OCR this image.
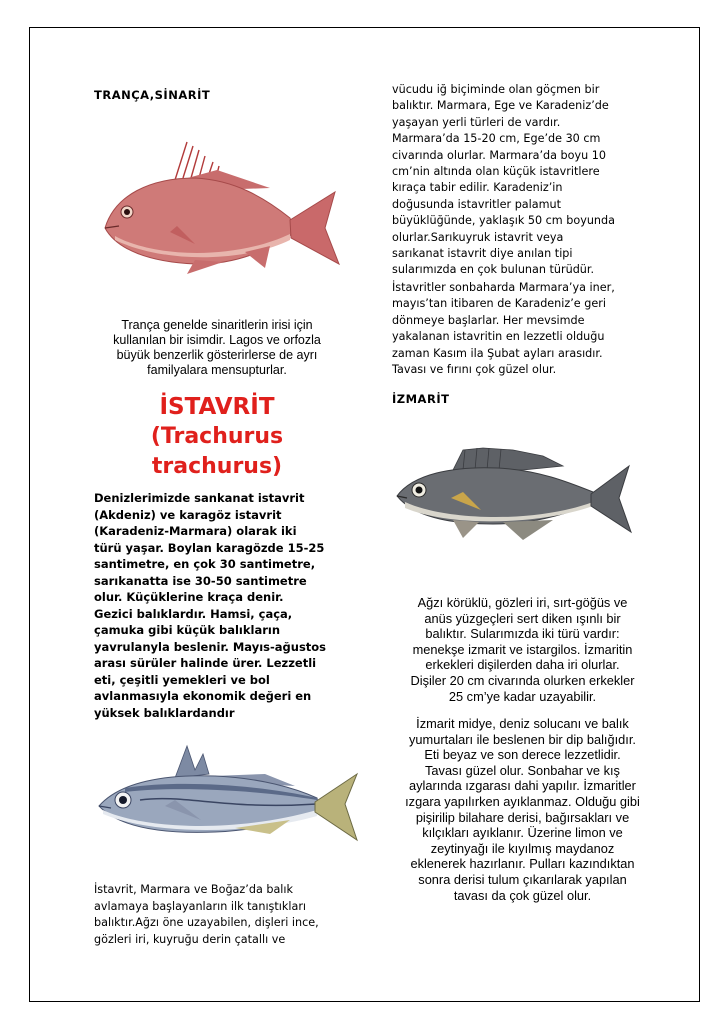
TRANÇA,SİNARİT
Trança genelde sinaritlerin irisi için
kullanılan bir isimdir. Lagos ve orfozla
büyük benzerlik gösterirlerse de ayrı
familyalara mensupturlar.
İSTAVRİT
(Trachurus
trachurus)
Denizlerimizde sankanat istavrit
(Akdeniz) ve karagöz istavrit
(Karadeniz-Marmara) olarak iki
türü yaşar. Boylan karagözde 15-25
santimetre, en çok 30 santimetre,
sarıkanatta ise 30-50 santimetre
olur. Küçüklerine kraça denir.
Gezici balıklardır. Hamsi, çaça,
çamuka gibi küçük balıkların
yavrulanyla beslenir. Mayıs-ağustos
arası sürüler halinde ürer. Lezzetli
eti, çeşitli yemekleri ve bol
avlanmasıyla ekonomik değeri en
yüksek balıklardandır
İstavrit, Marmara ve Boğaz’da balık
avlamaya başlayanların ilk tanıştıkları
balıktır.Ağzı öne uzayabilen, dişleri ince,
gözleri iri, kuyruğu derin çatallı ve
vücudu iğ biçiminde olan göçmen bir
balıktır. Marmara, Ege ve Karadeniz’de
yaşayan yerli türleri de vardır.
Marmara’da 15-20 cm, Ege’de 30 cm
civarında olurlar. Marmara’da boyu 10
cm’nin altında olan küçük istavritlere
kıraça tabir edilir. Karadeniz’in
doğusunda istavritler palamut
büyüklüğünde, yaklaşık 50 cm boyunda
olurlar.Sarıkuyruk istavrit veya
sarıkanat istavrit diye anılan tipi
sularımızda en çok bulunan türüdür.
İstavritler sonbaharda Marmara’ya iner,
mayıs’tan itibaren de Karadeniz’e geri
dönmeye başlarlar. Her mevsimde
yakalanan istavritin en lezzetli olduğu
zaman Kasım ila Şubat ayları arasıdır.
Tavası ve fırını çok güzel olur.
İZMARİT
Ağzı körüklü, gözleri iri, sırt-göğüs ve
anüs yüzgeçleri sert diken ışınlı bir
balıktır. Sularımızda iki türü vardır:
menekşe izmarit ve istargilos. İzmaritin
erkekleri dişilerden daha iri olurlar.
Dişiler 20 cm civarında olurken erkekler
25 cm’ye kadar uzayabilir.
İzmarit midye, deniz solucanı ve balık
yumurtaları ile beslenen bir dip balığıdır.
Eti beyaz ve son derece lezzetlidir.
Tavası güzel olur. Sonbahar ve kış
aylarında ızgarası dahi yapılır. İzmaritler
ızgara yapılırken ayıklanmaz. Olduğu gibi
pişirilip bilahare derisi, bağırsakları ve
kılçıkları ayıklanır. Üzerine limon ve
zeytinyağı ile kıyılmış maydanoz
eklenerek hazırlanır. Pulları kazındıktan
sonra derisi tulum çıkarılarak yapılan
tavası da çok güzel olur.
